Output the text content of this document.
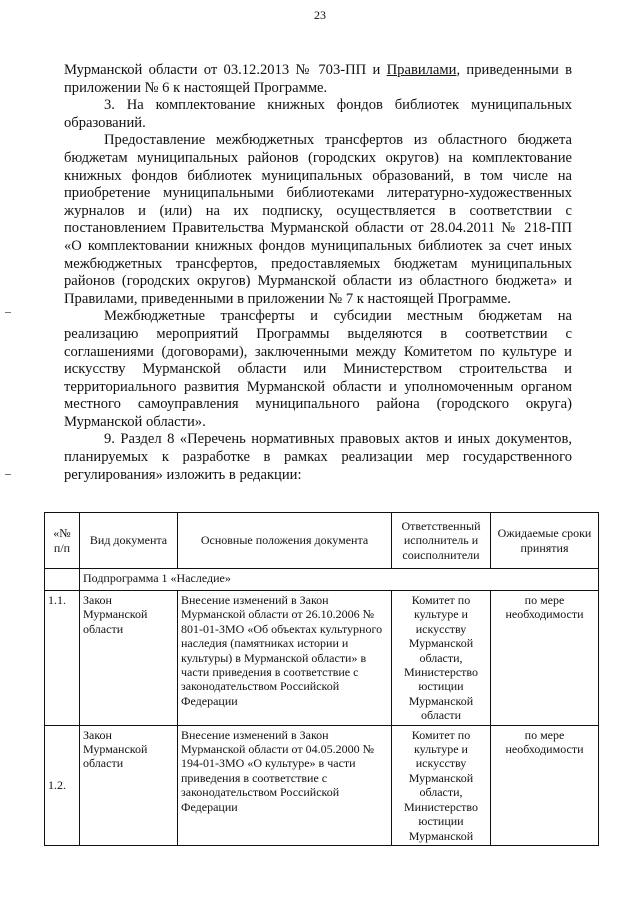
23

Мурманской области от 03.12.2013 № 703-ПП и Правилами, приведенными в приложении № 6 к настоящей Программе.

3. На комплектование книжных фондов библиотек муниципальных образований.

Предоставление межбюджетных трансфертов из областного бюджета бюджетам муниципальных районов (городских округов) на комплектование книжных фондов библиотек муниципальных образований, в том числе на приобретение муниципальными библиотеками литературно-художественных журналов и (или) на их подписку, осуществляется в соответствии с постановлением Правительства Мурманской области от 28.04.2011 № 218-ПП «О комплектовании книжных фондов муниципальных библиотек за счет иных межбюджетных трансфертов, предоставляемых бюджетам муниципальных районов (городских округов) Мурманской области из областного бюджета» и Правилами, приведенными в приложении № 7 к настоящей Программе.

Межбюджетные трансферты и субсидии местным бюджетам на реализацию мероприятий Программы выделяются в соответствии с соглашениями (договорами), заключенными между Комитетом по культуре и искусству Мурманской области или Министерством строительства и территориального развития Мурманской области и уполномоченным органом местного самоуправления муниципального района (городского округа) Мурманской области».

9. Раздел 8 «Перечень нормативных правовых актов и иных документов, планируемых к разработке в рамках реализации мер государственного регулирования» изложить в редакции:

«№ п/п	Вид документа	Основные положения документа	Ответственный исполнитель и соисполнители	Ожидаемые сроки принятия
	Подпрограмма 1 «Наследие»			
1.1.	Закон Мурманской области	Внесение изменений в Закон Мурманской области от 26.10.2006 № 801-01-ЗМО «Об объектах культурного наследия (памятниках истории и культуры) в Мурманской области» в части приведения в соответствие с законодательством Российской Федерации	Комитет по культуре и искусству Мурманской области, Министерство юстиции Мурманской области	по мере необходимости
1.2.	Закон Мурманской области	Внесение изменений в Закон Мурманской области от 04.05.2000 № 194-01-ЗМО «О культуре» в части приведения в соответствие с законодательством Российской Федерации	Комитет по культуре и искусству Мурманской области, Министерство юстиции Мурманской	по мере необходимости
